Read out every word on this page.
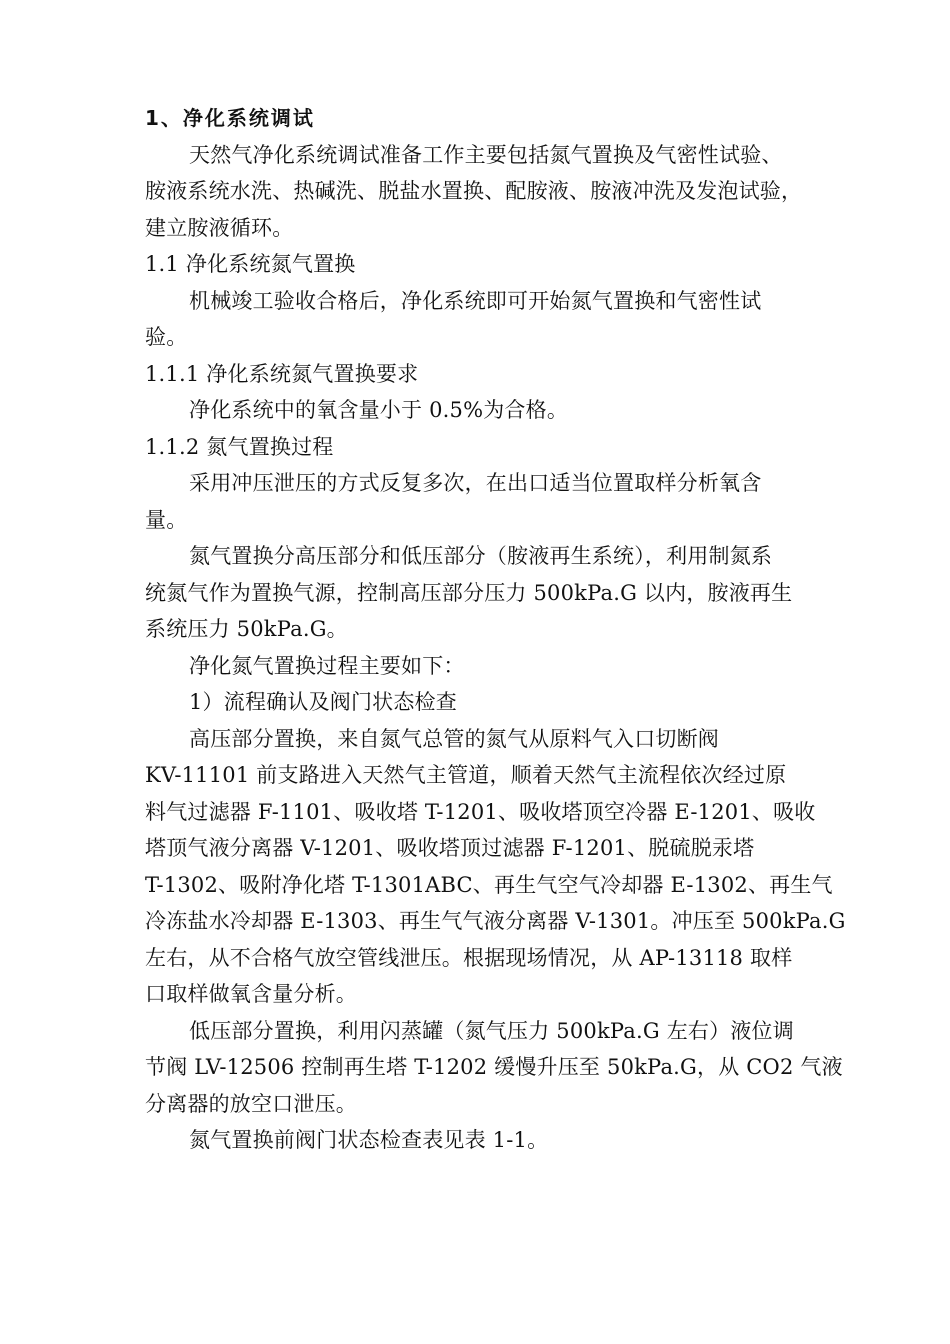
1、净化系统调试
天然气净化系统调试准备工作主要包括氮气置换及气密性试验、
胺液系统水洗、热碱洗、脱盐水置换、配胺液、胺液冲洗及发泡试验，
建立胺液循环。
1.1 净化系统氮气置换
机械竣工验收合格后，净化系统即可开始氮气置换和气密性试
验。
1.1.1 净化系统氮气置换要求
净化系统中的氧含量小于 0.5%为合格。
1.1.2 氮气置换过程
采用冲压泄压的方式反复多次，在出口适当位置取样分析氧含
量。
氮气置换分高压部分和低压部分（胺液再生系统），利用制氮系
统氮气作为置换气源，控制高压部分压力 500kPa.G 以内，胺液再生
系统压力 50kPa.G。
净化氮气置换过程主要如下：
1）流程确认及阀门状态检查
高压部分置换，来自氮气总管的氮气从原料气入口切断阀
KV-11101 前支路进入天然气主管道，顺着天然气主流程依次经过原
料气过滤器 F-1101、吸收塔 T-1201、吸收塔顶空冷器 E-1201、吸收
塔顶气液分离器 V-1201、吸收塔顶过滤器 F-1201、脱硫脱汞塔
T-1302、吸附净化塔 T-1301ABC、再生气空气冷却器 E-1302、再生气
冷冻盐水冷却器 E-1303、再生气气液分离器 V-1301。冲压至 500kPa.G
左右，从不合格气放空管线泄压。根据现场情况，从 AP-13118 取样
口取样做氧含量分析。
低压部分置换，利用闪蒸罐（氮气压力 500kPa.G 左右）液位调
节阀 LV-12506 控制再生塔 T-1202 缓慢升压至 50kPa.G，从 CO2 气液
分离器的放空口泄压。
氮气置换前阀门状态检查表见表 1-1。
